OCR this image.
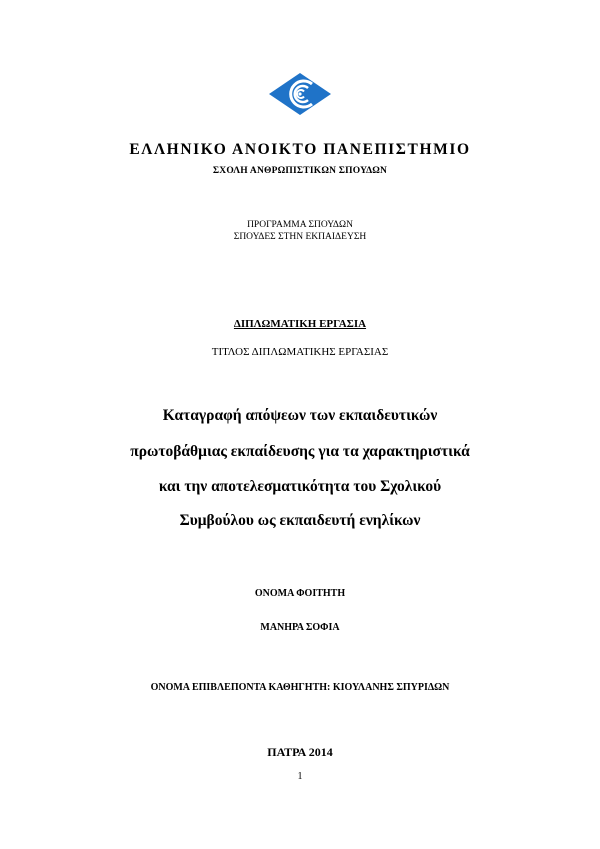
ΕΛΛΗΝΙΚΟ ΑΝΟΙΚΤΟ ΠΑΝΕΠΙΣΤΗΜΙΟ
ΣΧΟΛΗ ΑΝΘΡΩΠΙΣΤΙΚΩΝ ΣΠΟΥΔΩΝ
ΠΡΟΓΡΑΜΜΑ ΣΠΟΥΔΩΝ
ΣΠΟΥΔΕΣ ΣΤΗΝ ΕΚΠΑΙΔΕΥΣΗ
ΔΙΠΛΩΜΑΤΙΚΗ ΕΡΓΑΣΙΑ
ΤΙΤΛΟΣ ΔΙΠΛΩΜΑΤΙΚΗΣ ΕΡΓΑΣΙΑΣ
Καταγραφή απόψεων των εκπαιδευτικών
πρωτοβάθμιας εκπαίδευσης για τα χαρακτηριστικά
και την αποτελεσματικότητα του Σχολικού
Συμβούλου ως εκπαιδευτή ενηλίκων
ΟΝΟΜΑ ΦΟΙΤΗΤΗ
ΜΑΝΗΡΑ ΣΟΦΙΑ
ΟΝΟΜΑ ΕΠΙΒΛΕΠΟΝΤΑ ΚΑΘΗΓΗΤΗ: ΚΙΟΥΛΑΝΗΣ ΣΠΥΡΙΔΩΝ
ΠΑΤΡΑ 2014
1
